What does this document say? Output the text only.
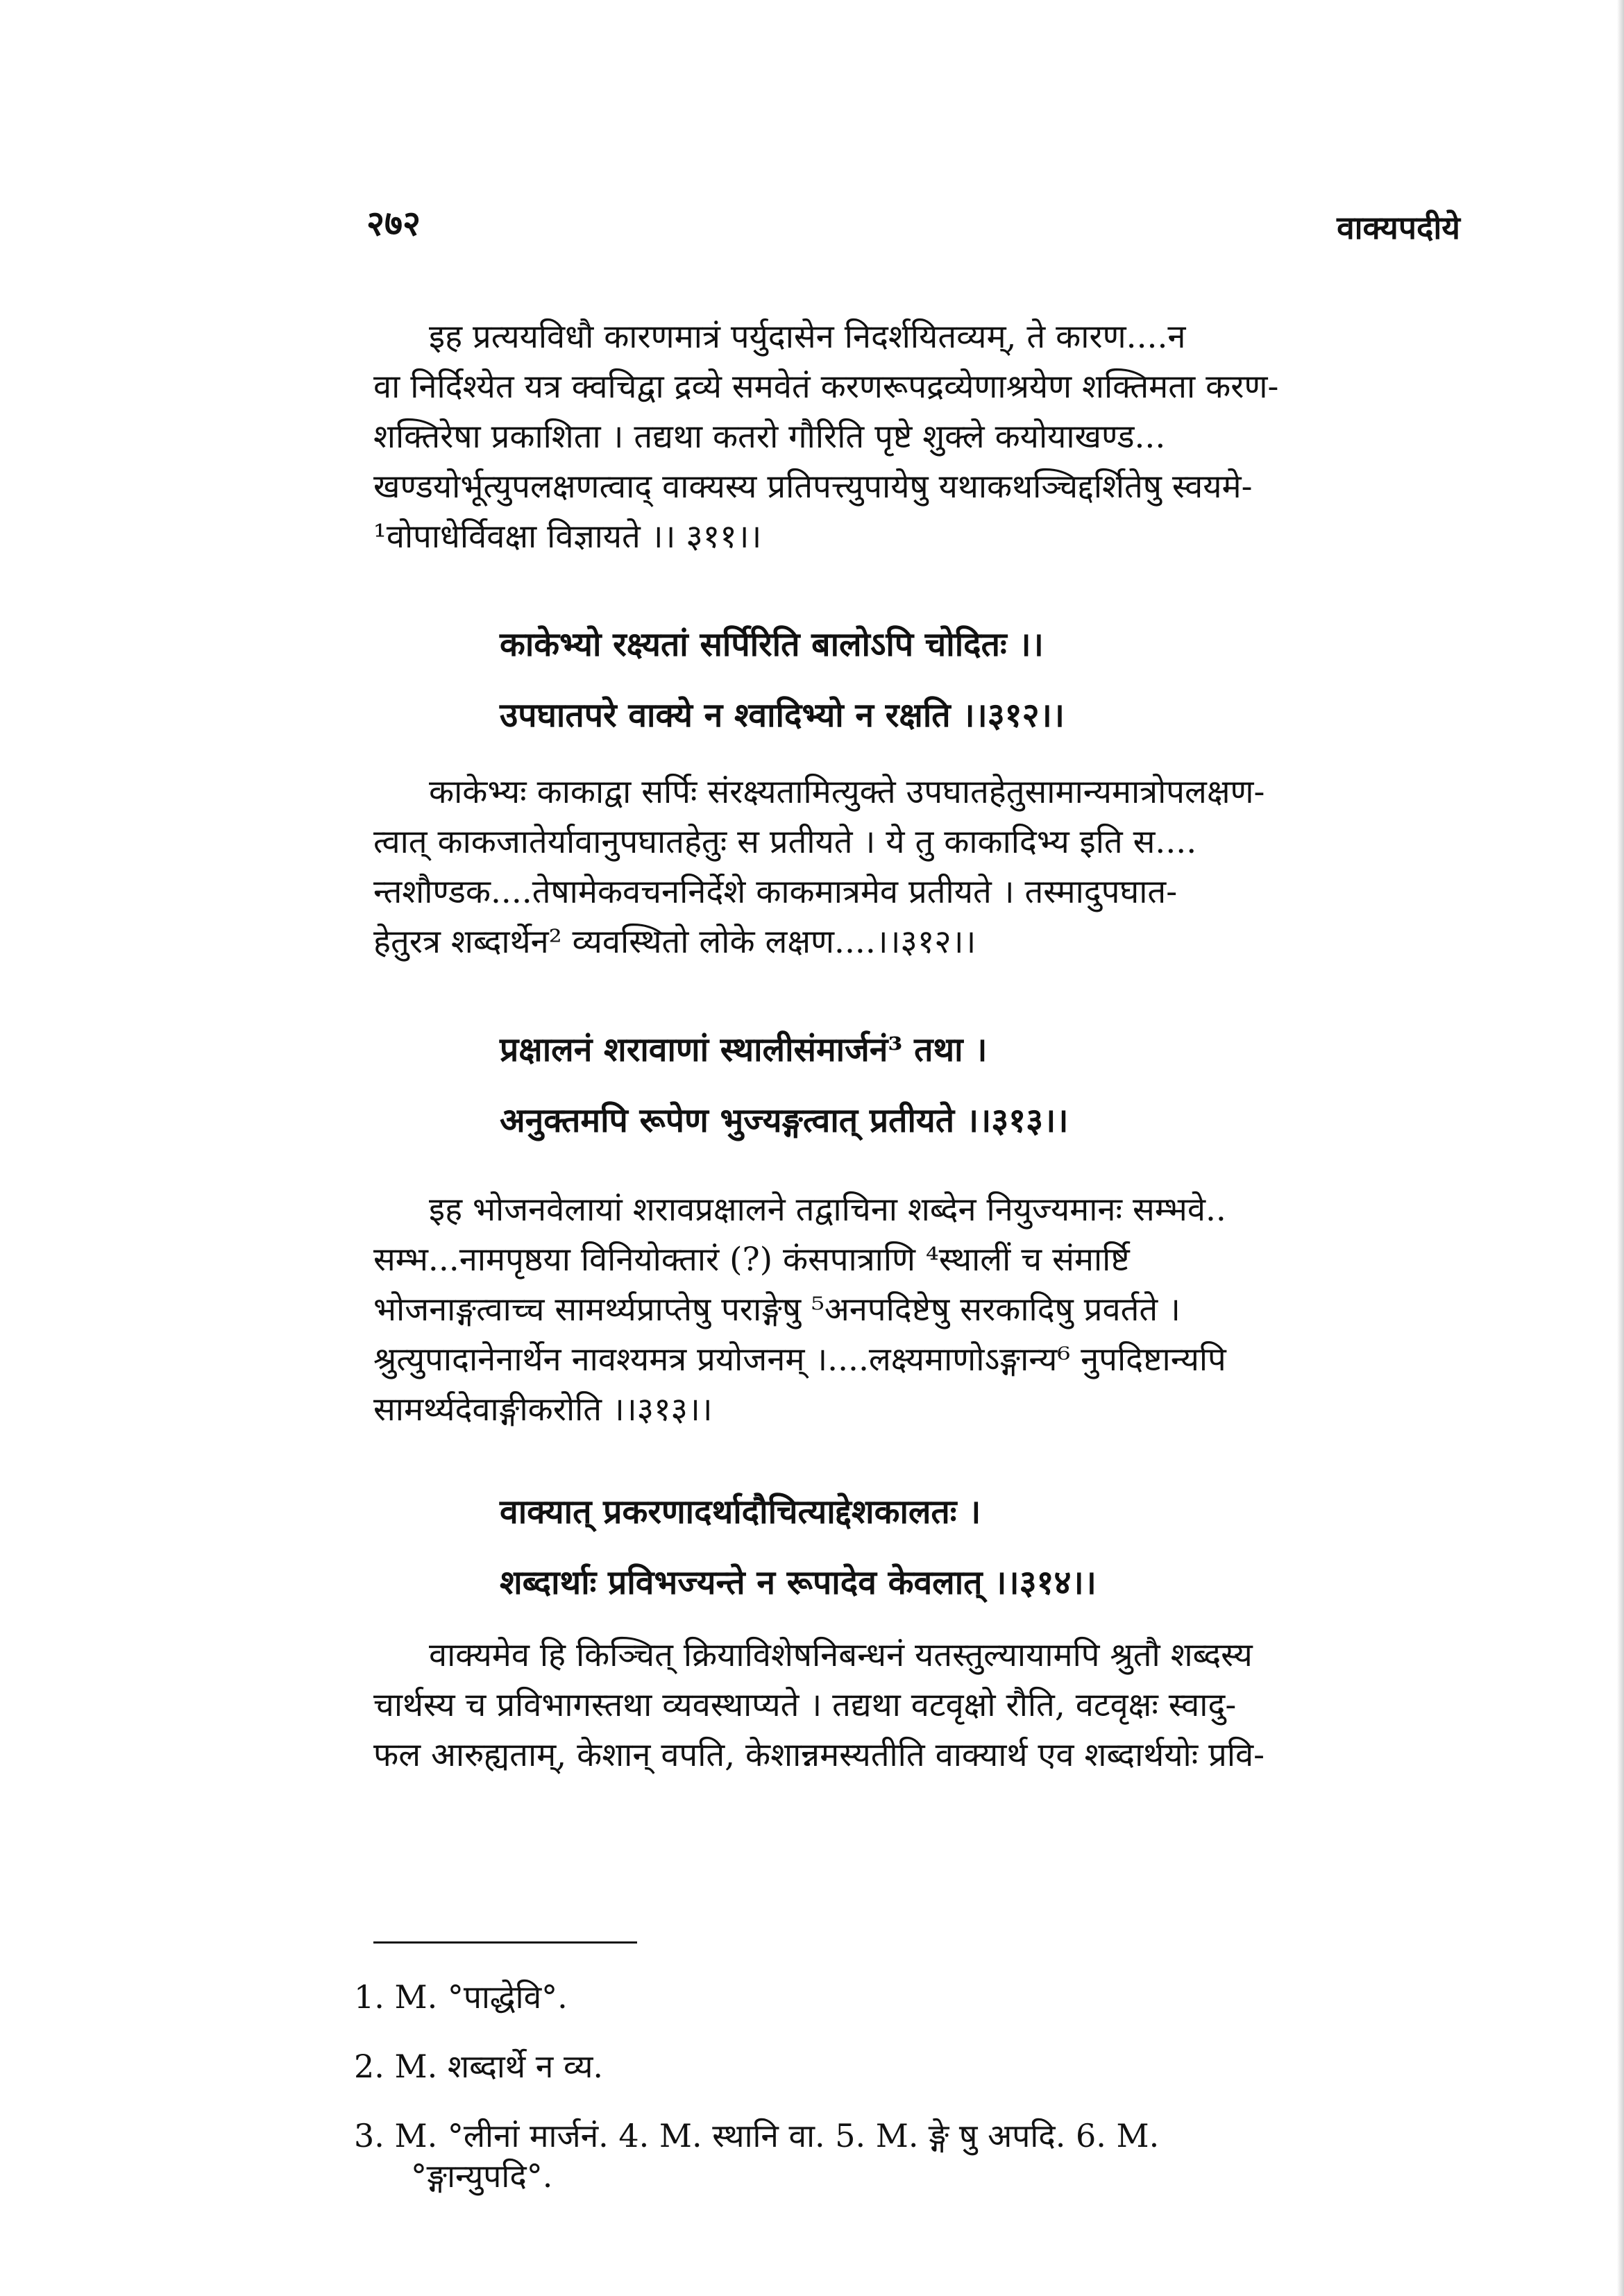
२७२	वाक्यपदीये
इह प्रत्ययविधौ कारणमात्रं पर्युदासेन निदर्शयितव्यम्, ते कारण....न
वा निर्दिश्येत यत्र क्वचिद्वा द्रव्ये समवेतं करणरूपद्रव्येणाश्रयेण शक्तिमता करण-
शक्तिरेषा प्रकाशिता । तद्यथा कतरो गौरिति पृष्टे शुक्ले कयोयाखण्ड...
खण्डयोर्भूत्युपलक्षणत्वाद् वाक्यस्य प्रतिपत्त्युपायेषु यथाकथञ्चिद्दर्शितेषु स्वयमे-
¹वोपाधेर्विवक्षा विज्ञायते ।। ३११।।
काकेभ्यो रक्ष्यतां सर्पिरिति बालोऽपि चोदितः ।।
उपघातपरे वाक्ये न श्वादिभ्यो न रक्षति ।।३१२।।
काकेभ्यः काकाद्वा सर्पिः संरक्ष्यतामित्युक्ते उपघातहेतुसामान्यमात्रोपलक्षण-
त्वात् काकजातेर्यावानुपघातहेतुः स प्रतीयते । ये तु काकादिभ्य इति स....
न्तशौण्डक....तेषामेकवचननिर्देशे काकमात्रमेव प्रतीयते । तस्मादुपघात-
हेतुरत्र शब्दार्थेन² व्यवस्थितो लोके लक्षण....।।३१२।।
प्रक्षालनं शरावाणां स्थालीसंमार्जनं³ तथा ।
अनुक्तमपि रूपेण भुज्यङ्गत्वात् प्रतीयते ।।३१३।।
इह भोजनवेलायां शरावप्रक्षालने तद्वाचिना शब्देन नियुज्यमानः सम्भवे..
सम्भ...नामपृष्ठया विनियोक्तारं (?) कंसपात्राणि ⁴स्थालीं च संमार्ष्टि
भोजनाङ्गत्वाच्च सामर्थ्यप्राप्तेषु पराङ्गेषु ⁵अनपदिष्टेषु सरकादिषु प्रवर्तते ।
श्रुत्युपादानेनार्थेन नावश्यमत्र प्रयोजनम् ।....लक्ष्यमाणोऽङ्गान्य⁶ नुपदिष्टान्यपि
सामर्थ्यदेवाङ्गीकरोति ।।३१३।।
वाक्यात् प्रकरणादर्थादौचित्याद्देशकालतः ।
शब्दार्थाः प्रविभज्यन्ते न रूपादेव केवलात् ।।३१४।।
वाक्यमेव हि किञ्चित् क्रियाविशेषनिबन्धनं यतस्तुल्यायामपि श्रुतौ शब्दस्य
चार्थस्य च प्रविभागस्तथा व्यवस्थाप्यते । तद्यथा वटवृक्षो रौति, वटवृक्षः स्वादु-
फल आरुह्यताम्, केशान् वपति, केशान्नमस्यतीति वाक्यार्थ एव शब्दार्थयोः प्रवि-
1. M. °पाद्धेवि°.
2. M. शब्दार्थे न व्य.
3. M. °लीनां मार्जनं. 4. M. स्थानि वा. 5. M. ङ्गे षु अपदि. 6. M.
°ङ्गान्युपदि°.
